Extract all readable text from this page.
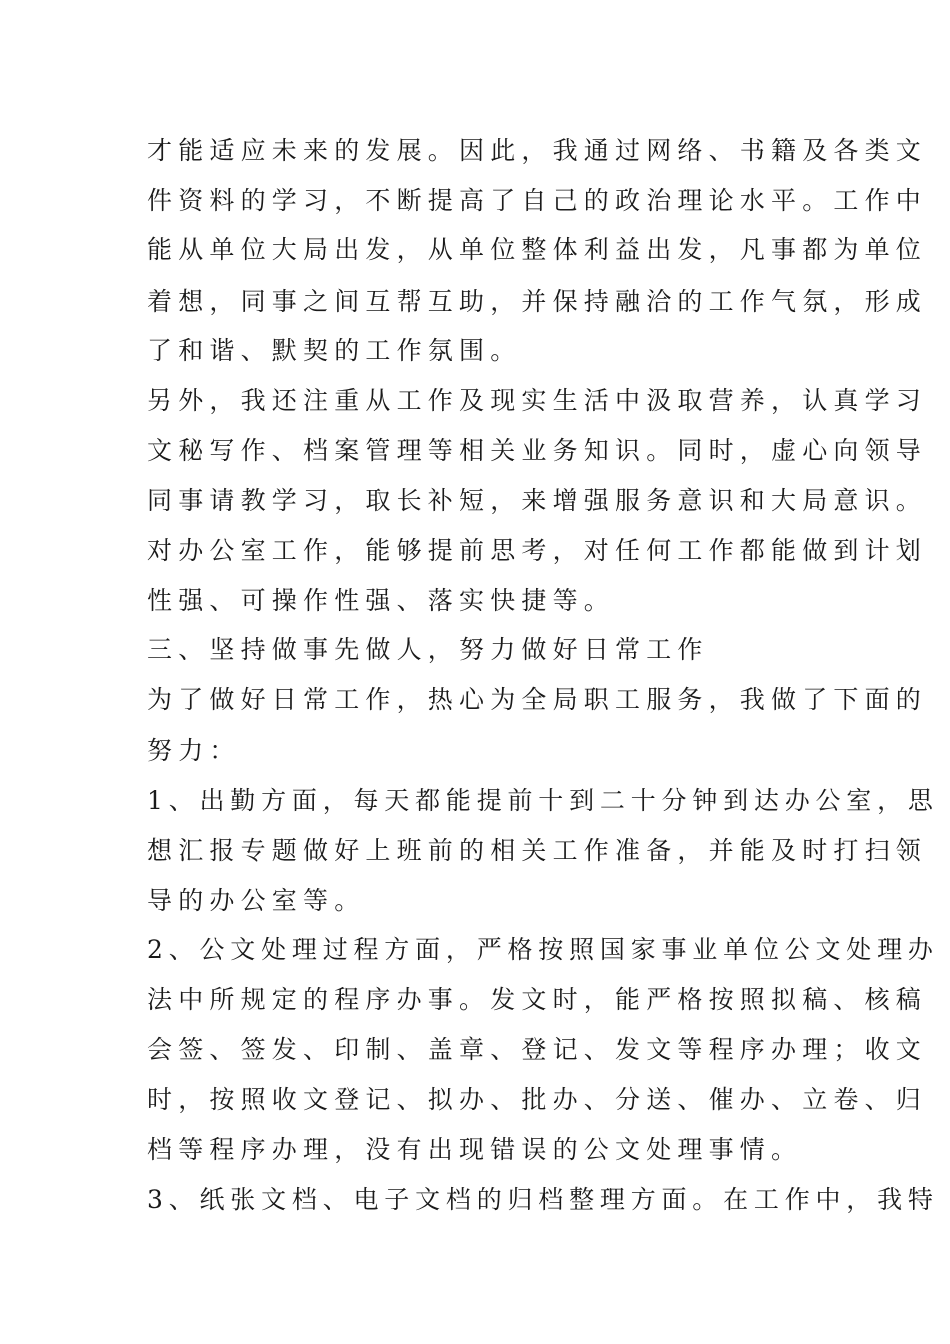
才能适应未来的发展。因此，我通过网络、书籍及各类文
件资料的学习，不断提高了自己的政治理论水平。工作中
能从单位大局出发，从单位整体利益出发，凡事都为单位
着想，同事之间互帮互助，并保持融洽的工作气氛，形成
了和谐、默契的工作氛围。
另外，我还注重从工作及现实生活中汲取营养，认真学习
文秘写作、档案管理等相关业务知识。同时，虚心向领导
同事请教学习，取长补短，来增强服务意识和大局意识。
对办公室工作，能够提前思考，对任何工作都能做到计划
性强、可操作性强、落实快捷等。
三、坚持做事先做人，努力做好日常工作
为了做好日常工作，热心为全局职工服务，我做了下面的
努力：
1、出勤方面，每天都能提前十到二十分钟到达办公室，思
想汇报专题做好上班前的相关工作准备，并能及时打扫领
导的办公室等。
2、公文处理过程方面，严格按照国家事业单位公文处理办
法中所规定的程序办事。发文时，能严格按照拟稿、核稿
会签、签发、印制、盖章、登记、发文等程序办理；收文
时，按照收文登记、拟办、批办、分送、催办、立卷、归
档等程序办理，没有出现错误的公文处理事情。
3、纸张文档、电子文档的归档整理方面。在工作中，我特
